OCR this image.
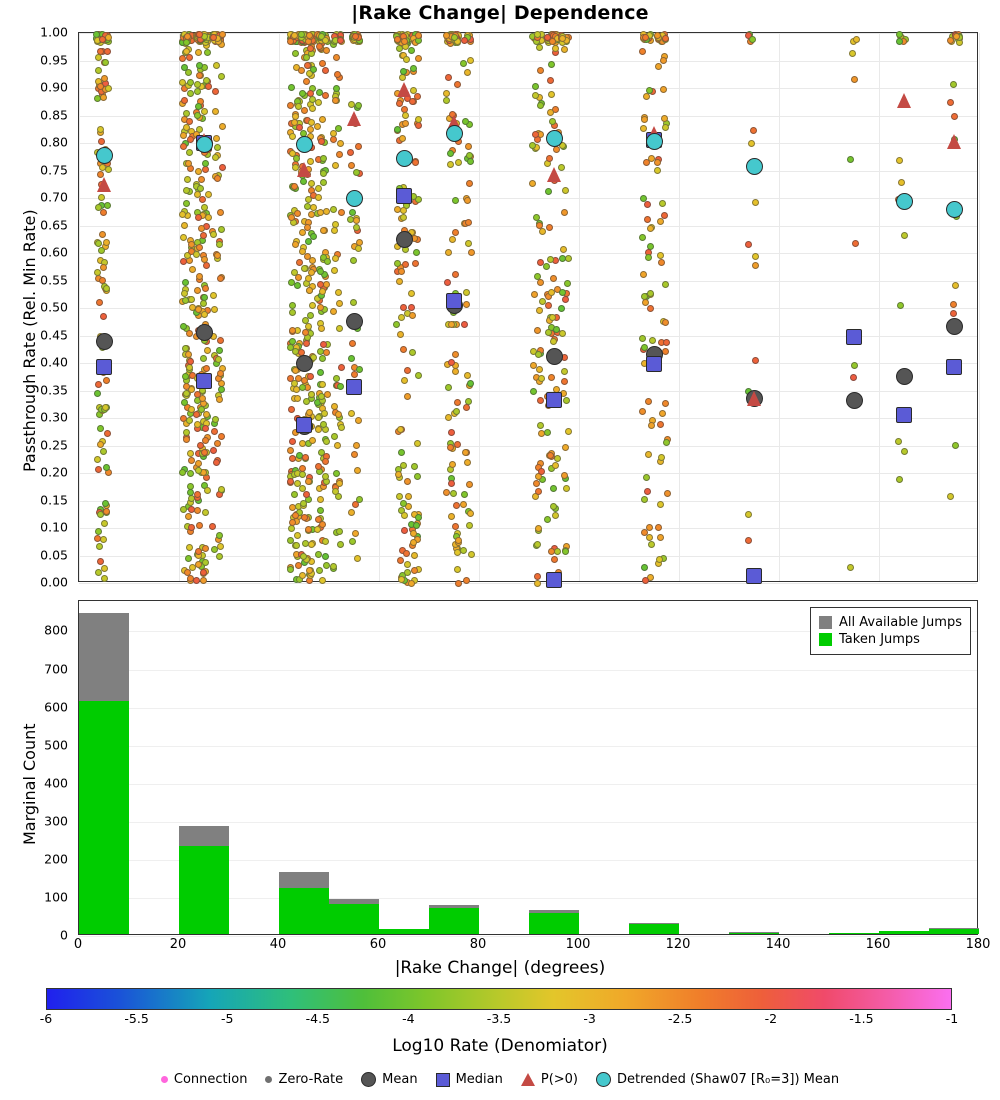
|Rake Change| Dependence
Passthrough Rate (Rel. Min Rate)
0.00
0.05
0.10
0.15
0.20
0.25
0.30
0.35
0.40
0.45
0.50
0.55
0.60
0.65
0.70
0.75
0.80
0.85
0.90
0.95
1.00
Marginal Count
0
100
200
300
400
500
600
700
800
All Available Jumps
Taken Jumps
0	20	40	60	80	100	120	140	160	180
|Rake Change| (degrees)
-6	-5.5	-5	-4.5	-4	-3.5	-3	-2.5	-2	-1.5	-1
Log10 Rate (Denomiator)
Connection Zero-Rate	Mean	Median	P(>0)	Detrended (Shaw07 [R₀=3]) Mean
